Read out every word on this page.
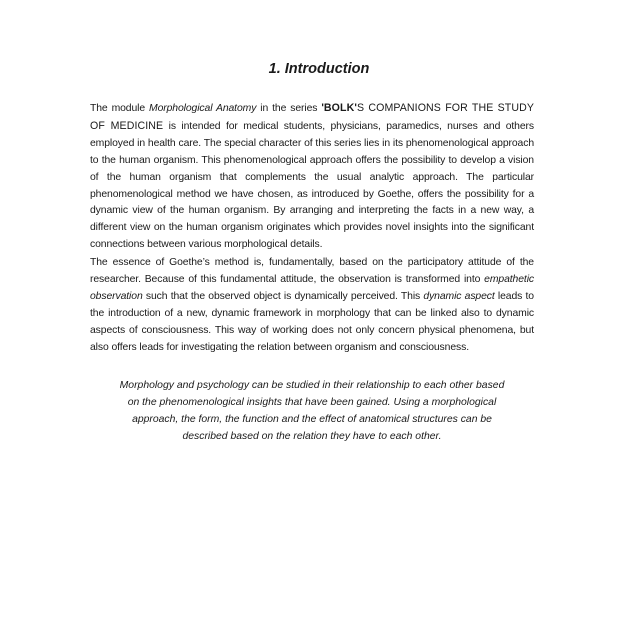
1. Introduction

The module Morphological Anatomy in the series 'BOLK'S COMPANIONS FOR THE STUDY OF MEDICINE is intended for medical students, physicians, paramedics, nurses and others employed in health care. The special character of this series lies in its phenomenological approach to the human organism. This phenomenological approach offers the possibility to develop a vision of the human organism that complements the usual analytic approach. The particular phenomenological method we have chosen, as introduced by Goethe, offers the possibility for a dynamic view of the human organism. By arranging and interpreting the facts in a new way, a different view on the human organism originates which provides novel insights into the significant connections between various morphological details.

The essence of Goethe’s method is, fundamentally, based on the participatory attitude of the researcher. Because of this fundamental attitude, the observation is transformed into empathetic observation such that the observed object is dynamically perceived. This dynamic aspect leads to the introduction of a new, dynamic framework in morphology that can be linked also to dynamic aspects of consciousness. This way of working does not only concern physical phenomena, but also offers leads for investigating the relation between organism and consciousness.

Morphology and psychology can be studied in their relationship to each other based on the phenomenological insights that have been gained. Using a morphological approach, the form, the function and the effect of anatomical structures can be described based on the relation they have to each other.
